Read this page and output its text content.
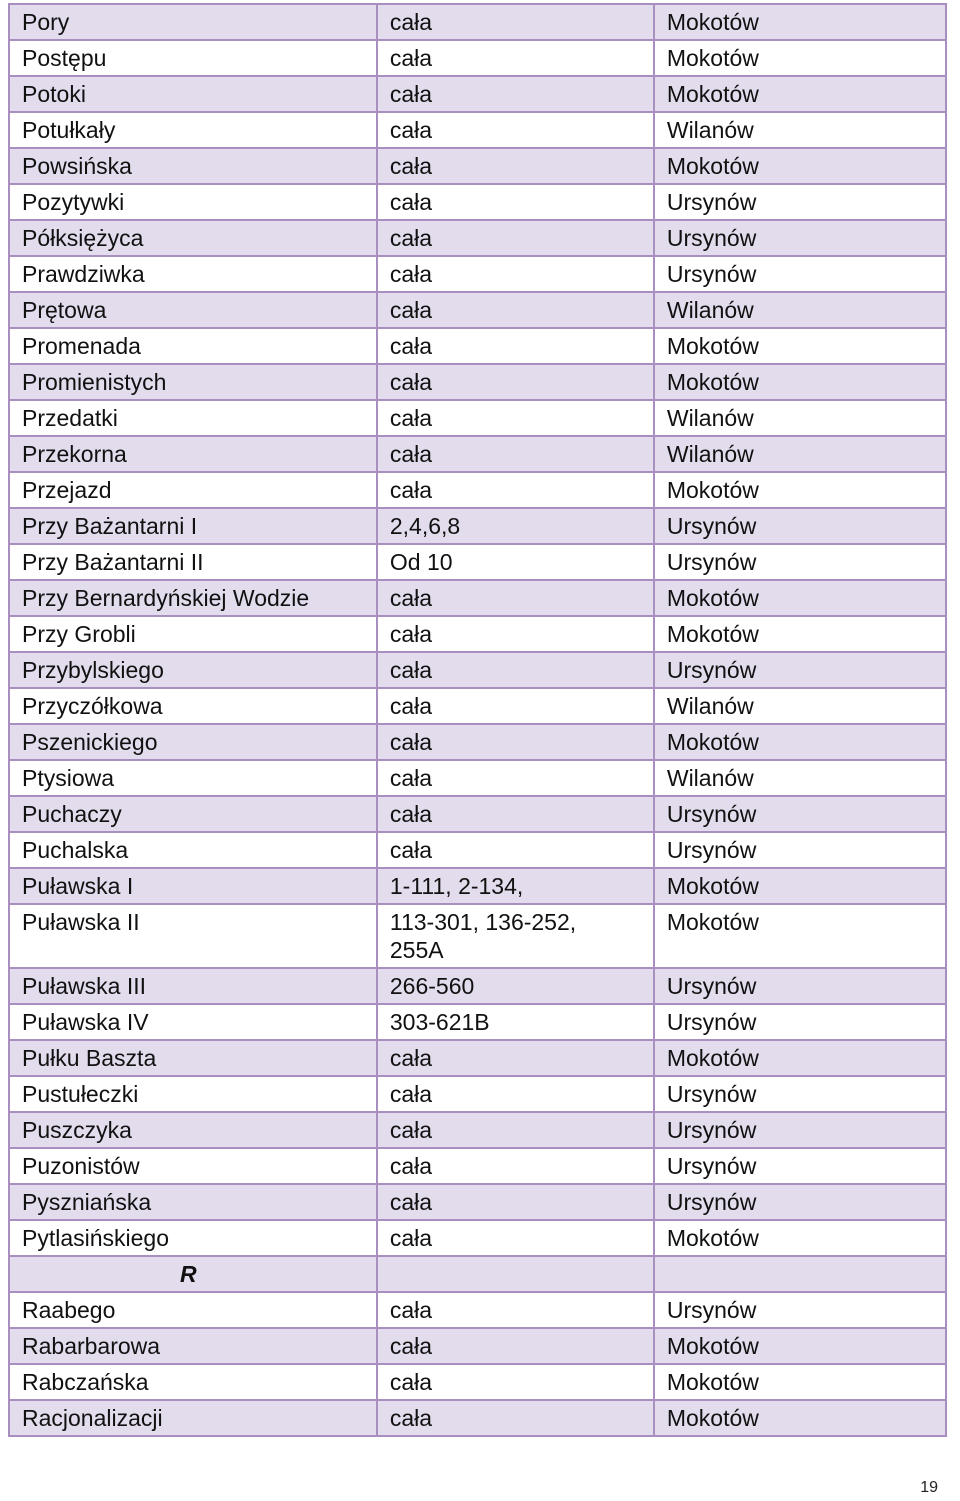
Pory	cała	Mokotów
Postępu	cała	Mokotów
Potoki	cała	Mokotów
Potułkały	cała	Wilanów
Powsińska	cała	Mokotów
Pozytywki	cała	Ursynów
Półksiężyca	cała	Ursynów
Prawdziwka	cała	Ursynów
Prętowa	cała	Wilanów
Promenada	cała	Mokotów
Promienistych	cała	Mokotów
Przedatki	cała	Wilanów
Przekorna	cała	Wilanów
Przejazd	cała	Mokotów
Przy Bażantarni I	2,4,6,8	Ursynów
Przy Bażantarni II	Od 10	Ursynów
Przy Bernardyńskiej Wodzie	cała	Mokotów
Przy Grobli	cała	Mokotów
Przybylskiego	cała	Ursynów
Przyczółkowa	cała	Wilanów
Pszenickiego	cała	Mokotów
Ptysiowa	cała	Wilanów
Puchaczy	cała	Ursynów
Puchalska	cała	Ursynów
Puławska I	1-111, 2-134,	Mokotów
Puławska II	113-301, 136-252, 255A	Mokotów
Puławska III	266-560	Ursynów
Puławska IV	303-621B	Ursynów
Pułku Baszta	cała	Mokotów
Pustułeczki	cała	Ursynów
Puszczyka	cała	Ursynów
Puzonistów	cała	Ursynów
Pyszniańska	cała	Ursynów
Pytlasińskiego	cała	Mokotów
R		
Raabego	cała	Ursynów
Rabarbarowa	cała	Mokotów
Rabczańska	cała	Mokotów
Racjonalizacji	cała	Mokotów
19
